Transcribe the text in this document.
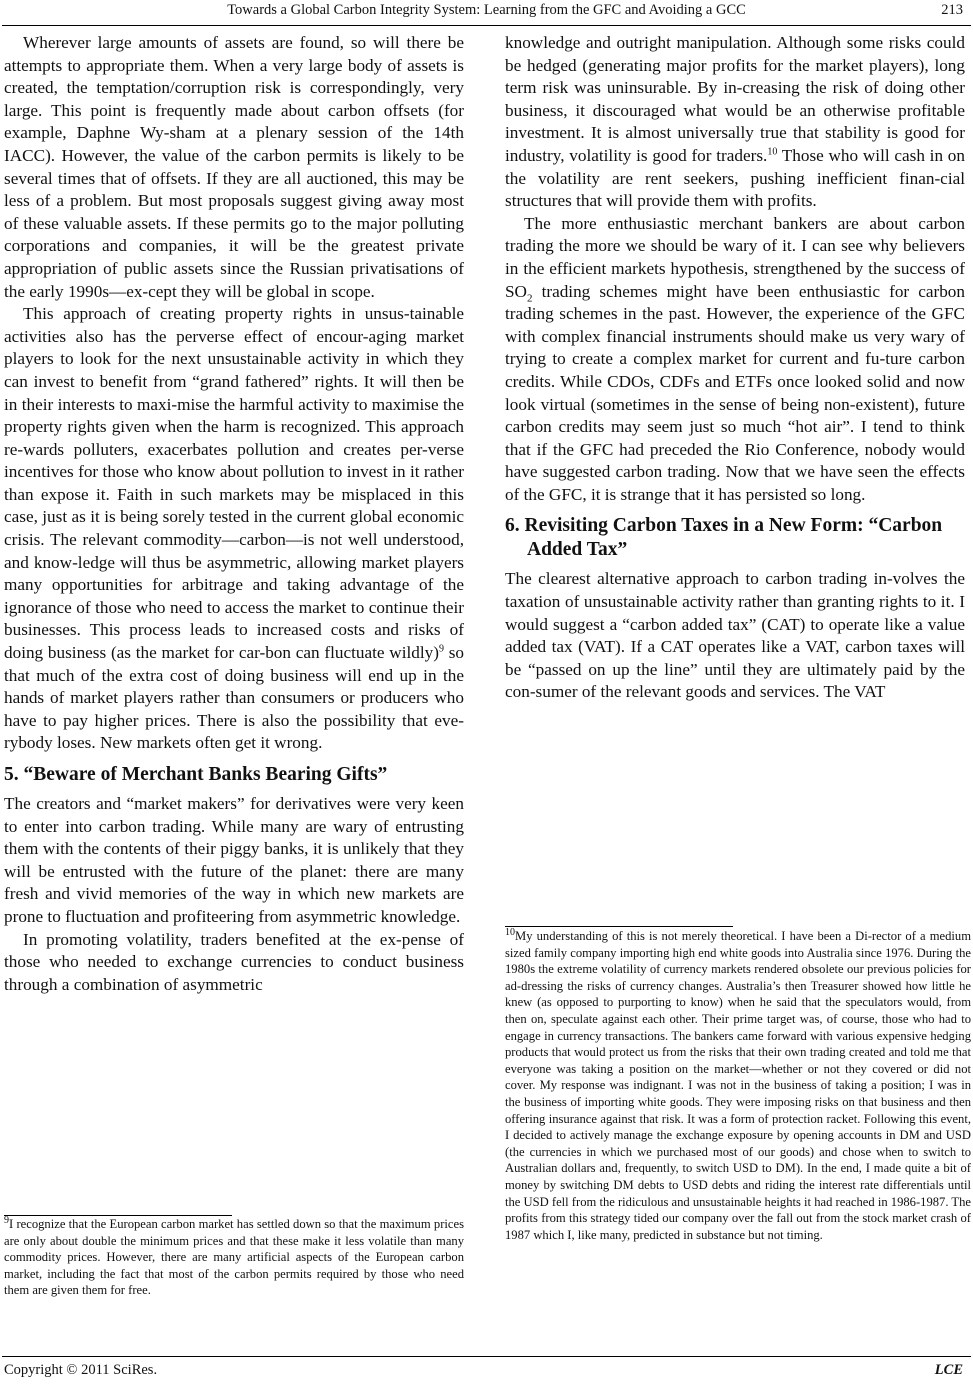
Towards a Global Carbon Integrity System: Learning from the GFC and Avoiding a GCC	213

Wherever large amounts of assets are found, so will there be attempts to appropriate them. When a very large body of assets is created, the temptation/corruption risk is correspondingly, very large. This point is frequently made about carbon offsets (for example, Daphne Wy-sham at a plenary session of the 14th IACC). However, the value of the carbon permits is likely to be several times that of offsets. If they are all auctioned, this may be less of a problem. But most proposals suggest giving away most of these valuable assets. If these permits go to the major polluting corporations and companies, it will be the greatest private appropriation of public assets since the Russian privatisations of the early 1990s—ex-cept they will be global in scope.

This approach of creating property rights in unsus-tainable activities also has the perverse effect of encour-aging market players to look for the next unsustainable activity in which they can invest to benefit from “grand fathered” rights. It will then be in their interests to maxi-mise the harmful activity to maximise the property rights given when the harm is recognized. This approach re-wards polluters, exacerbates pollution and creates per-verse incentives for those who know about pollution to invest in it rather than expose it. Faith in such markets may be misplaced in this case, just as it is being sorely tested in the current global economic crisis. The relevant commodity—carbon—is not well understood, and know-ledge will thus be asymmetric, allowing market players many opportunities for arbitrage and taking advantage of the ignorance of those who need to access the market to continue their businesses. This process leads to increased costs and risks of doing business (as the market for car-bon can fluctuate wildly)$^9$ so that much of the extra cost of doing business will end up in the hands of market players rather than consumers or producers who have to pay higher prices. There is also the possibility that eve-rybody loses. New markets often get it wrong.

5. “Beware of Merchant Banks Bearing Gifts”

The creators and “market makers” for derivatives were very keen to enter into carbon trading. While many are wary of entrusting them with the contents of their piggy banks, it is unlikely that they will be entrusted with the future of the planet: there are many fresh and vivid memories of the way in which new markets are prone to fluctuation and profiteering from asymmetric knowledge.

In promoting volatility, traders benefited at the ex-pense of those who needed to exchange currencies to conduct business through a combination of asymmetric

$^9$I recognize that the European carbon market has settled down so that the maximum prices are only about double the minimum prices and that these make it less volatile than many commodity prices. However, there are many artificial aspects of the European carbon market, including the fact that most of the carbon permits required by those who need them are given them for free.

knowledge and outright manipulation. Although some risks could be hedged (generating major profits for the market players), long term risk was uninsurable. By in-creasing the risk of doing other business, it discouraged what would be an otherwise profitable investment. It is almost universally true that stability is good for industry, volatility is good for traders.$^{10}$ Those who will cash in on the volatility are rent seekers, pushing inefficient finan-cial structures that will provide them with profits.

The more enthusiastic merchant bankers are about carbon trading the more we should be wary of it. I can see why believers in the efficient markets hypothesis, strengthened by the success of $SO_2$ trading schemes might have been enthusiastic for carbon trading schemes in the past. However, the experience of the GFC with complex financial instruments should make us very wary of trying to create a complex market for current and fu-ture carbon credits. While CDOs, CDFs and ETFs once looked solid and now look virtual (sometimes in the sense of being non-existent), future carbon credits may seem just so much “hot air”. I tend to think that if the GFC had preceded the Rio Conference, nobody would have suggested carbon trading. Now that we have seen the effects of the GFC, it is strange that it has persisted so long.

6. Revisiting Carbon Taxes in a New Form: “Carbon Added Tax”

The clearest alternative approach to carbon trading in-volves the taxation of unsustainable activity rather than granting rights to it. I would suggest a “carbon added tax” (CAT) to operate like a value added tax (VAT). If a CAT operates like a VAT, carbon taxes will be “passed on up the line” until they are ultimately paid by the con-sumer of the relevant goods and services. The VAT

$^{10}$My understanding of this is not merely theoretical. I have been a Di-rector of a medium sized family company importing high end white goods into Australia since 1976. During the 1980s the extreme volatility of currency markets rendered obsolete our previous policies for ad-dressing the risks of currency changes. Australia’s then Treasurer showed how little he knew (as opposed to purporting to know) when he said that the speculators would, from then on, speculate against each other. Their prime target was, of course, those who had to engage in currency transactions. The bankers came forward with various expensive hedging products that would protect us from the risks that their own trading created and told me that everyone was taking a position on the market—whether or not they covered or did not cover. My response was indignant. I was not in the business of taking a position; I was in the business of importing white goods. They were imposing risks on that business and then offering insurance against that risk. It was a form of protection racket. Following this event, I decided to actively manage the exchange exposure by opening accounts in DM and USD (the currencies in which we purchased most of our goods) and chose when to switch to Australian dollars and, frequently, to switch USD to DM). In the end, I made quite a bit of money by switching DM debts to USD debts and riding the interest rate differentials until the USD fell from the ridiculous and unsustainable heights it had reached in 1986-1987. The profits from this strategy tided our company over the fall out from the stock market crash of 1987 which I, like many, predicted in substance but not timing.
Copyright © 2011 SciRes.	LCE
